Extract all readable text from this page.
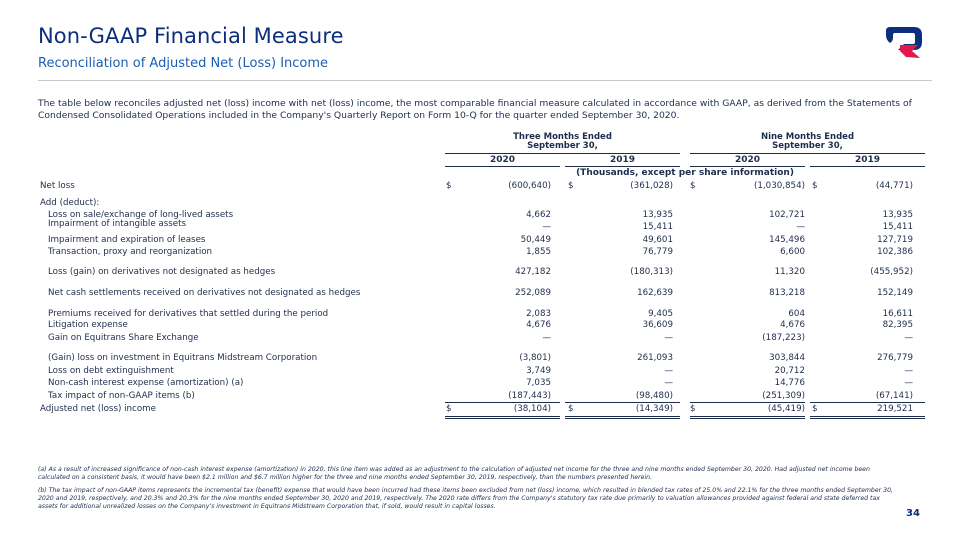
Non-GAAP Financial Measure
Reconciliation of Adjusted Net (Loss) Income
The table below reconciles adjusted net (loss) income with net (loss) income, the most comparable financial measure calculated in accordance with GAAP, as derived from the Statements of Condensed Consolidated Operations included in the Company's Quarterly Report on Form 10-Q for the quarter ended September 30, 2020.
Three Months Ended
September 30,
Nine Months Ended
September 30,
2020	2019	2020	2019
(Thousands, except per share information)
Net loss	$	(600,640) $	(361,028) $	(1,030,854) $	(44,771)
Add (deduct):
Loss on sale/exchange of long-lived assets	4,662	13,935	102,721	13,935
Impairment of intangible assets	—	15,411	—	15,411
Impairment and expiration of leases	50,449	49,601	145,496	127,719
Transaction, proxy and reorganization	1,855	76,779	6,600	102,386
Loss (gain) on derivatives not designated as hedges	427,182	(180,313)	11,320	(455,952)
Net cash settlements received on derivatives not designated as hedges	252,089	162,639	813,218	152,149
Premiums received for derivatives that settled during the period	2,083	9,405	604	16,611
Litigation expense	4,676	36,609	4,676	82,395
Gain on Equitrans Share Exchange	—	—	(187,223)	—
(Gain) loss on investment in Equitrans Midstream Corporation	(3,801)	261,093	303,844	276,779
Loss on debt extinguishment	3,749	—	20,712	—
Non-cash interest expense (amortization) (a)	7,035	—	14,776	—
Tax impact of non-GAAP items (b)	(187,443)	(98,480)	(251,309)	(67,141)
Adjusted net (loss) income	$	(38,104) $	(14,349) $	(45,419) $	219,521

(a) As a result of increased significance of non-cash interest expense (amortization) in 2020, this line item was added as an adjustment to the calculation of adjusted net income for the three and nine months ended September 30, 2020. Had adjusted net income been calculated on a consistent basis, it would have been $2.1 million and $6.7 million higher for the three and nine months ended September 30, 2019, respectively, than the numbers presented herein.

(b) The tax impact of non-GAAP items represents the incremental tax (benefit) expense that would have been incurred had these items been excluded from net (loss) income, which resulted in blended tax rates of 25.0% and 22.1% for the three months ended September 30, 2020 and 2019, respectively, and 20.3% and 20.3% for the nine months ended September 30, 2020 and 2019, respectively. The 2020 rate differs from the Company's statutory tax rate due primarily to valuation allowances provided against federal and state deferred tax assets for additional unrealized losses on the Company's investment in Equitrans Midstream Corporation that, if sold, would result in capital losses.

34
